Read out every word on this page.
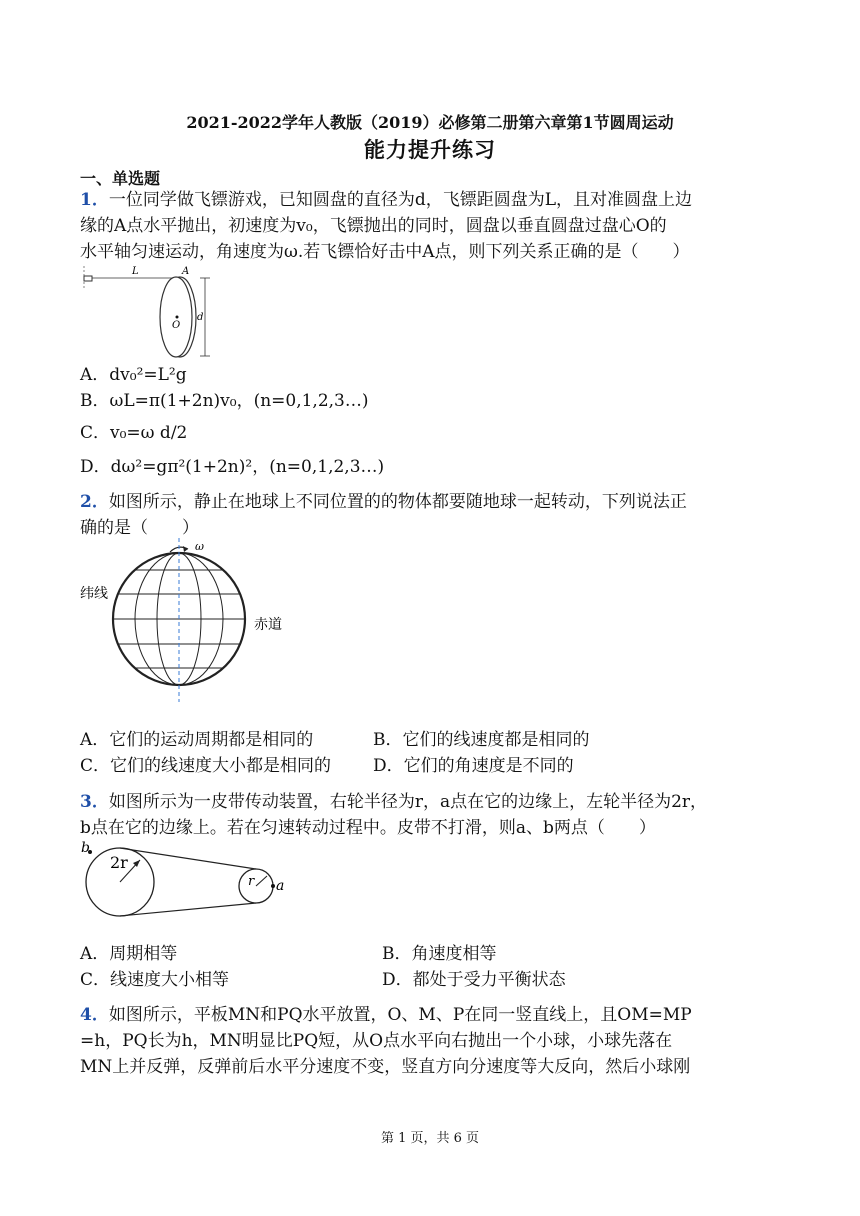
2021-2022学年人教版（2019）必修第二册第六章第1节圆周运动
能力提升练习
一、单选题
1．一位同学做飞镖游戏，已知圆盘的直径为d，飞镖距圆盘为L，且对准圆盘上边
缘的A点水平抛出，初速度为v₀，飞镖抛出的同时，圆盘以垂直圆盘过盘心O的
水平轴匀速运动，角速度为ω.若飞镖恰好击中A点，则下列关系正确的是（　　）
L	A
O
d
A．dv₀²=L²g
B．ωL=π(1+2n)v₀，(n=0,1,2,3…)
C．v₀=ω d/2
D．dω²=gπ²(1+2n)²，(n=0,1,2,3…)
2．如图所示，静止在地球上不同位置的的物体都要随地球一起转动，下列说法正
确的是（　　）
纬线
赤道
ω
A．它们的运动周期都是相同的	B．它们的线速度都是相同的
C．它们的线速度大小都是相同的 D．它们的角速度是不同的
3．如图所示为一皮带传动装置，右轮半径为r，a点在它的边缘上，左轮半径为2r，
b点在它的边缘上。若在匀速转动过程中。皮带不打滑，则a、b两点（　　）
2r
b
r a
A．周期相等	B．角速度相等
C．线速度大小相等	D．都处于受力平衡状态
4．如图所示，平板MN和PQ水平放置，O、M、P在同一竖直线上，且OM=MP
=h，PQ长为h，MN明显比PQ短，从O点水平向右抛出一个小球，小球先落在
MN上并反弹，反弹前后水平分速度不变，竖直方向分速度等大反向，然后小球刚
第 1 页，共 6 页
